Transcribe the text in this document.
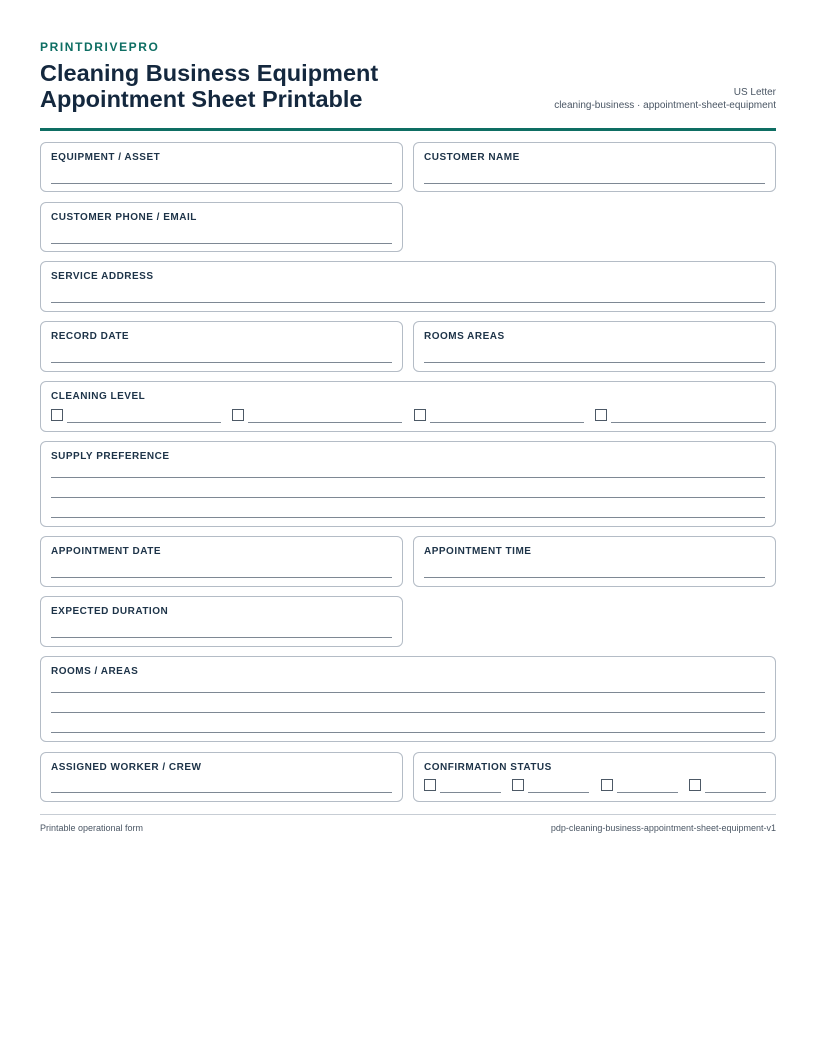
PRINTDRIVEPRO
Cleaning Business Equipment
Appointment Sheet Printable	US Letter
cleaning-business · appointment-sheet-equipment
EQUIPMENT / ASSET	CUSTOMER NAME
CUSTOMER PHONE / EMAIL
SERVICE ADDRESS
RECORD DATE	ROOMS AREAS
CLEANING LEVEL
SUPPLY PREFERENCE
APPOINTMENT DATE	APPOINTMENT TIME
EXPECTED DURATION
ROOMS / AREAS
ASSIGNED WORKER / CREW	CONFIRMATION STATUS
Printable operational form	pdp-cleaning-business-appointment-sheet-equipment-v1
